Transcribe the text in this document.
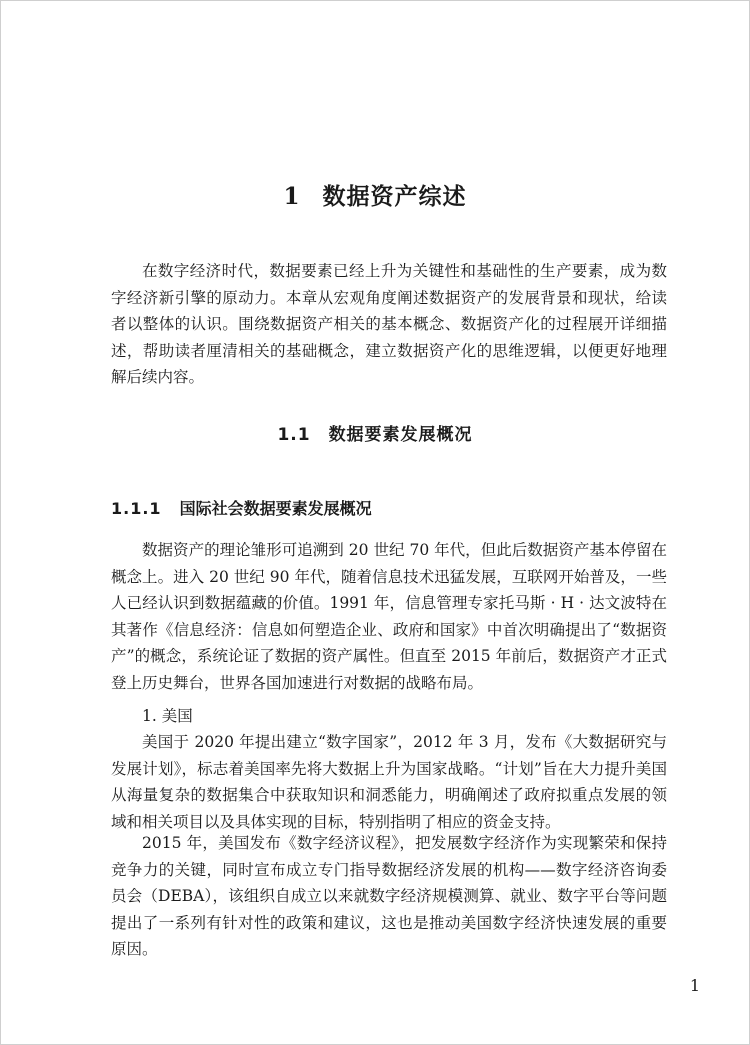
1 数据资产综述

在数字经济时代，数据要素已经上升为关键性和基础性的生产要素，成为数字经济新引擎的原动力。本章从宏观角度阐述数据资产的发展背景和现状，给读者以整体的认识。围绕数据资产相关的基本概念、数据资产化的过程展开详细描述，帮助读者厘清相关的基础概念，建立数据资产化的思维逻辑，以便更好地理解后续内容。

1.1 数据要素发展概况
1.1.1 国际社会数据要素发展概况

数据资产的理论雏形可追溯到 20 世纪 70 年代，但此后数据资产基本停留在概念上。进入 20 世纪 90 年代，随着信息技术迅猛发展，互联网开始普及，一些人已经认识到数据蕴藏的价值。1991 年，信息管理专家托马斯 · H · 达文波特在其著作《信息经济：信息如何塑造企业、政府和国家》中首次明确提出了“数据资产”的概念，系统论证了数据的资产属性。但直至 2015 年前后，数据资产才正式登上历史舞台，世界各国加速进行对数据的战略布局。

1. 美国

美国于 2020 年提出建立“数字国家”，2012 年 3 月，发布《大数据研究与发展计划》，标志着美国率先将大数据上升为国家战略。“计划”旨在大力提升美国从海量复杂的数据集合中获取知识和洞悉能力，明确阐述了政府拟重点发展的领域和相关项目以及具体实现的目标，特别指明了相应的资金支持。

2015 年，美国发布《数字经济议程》，把发展数字经济作为实现繁荣和保持竞争力的关键，同时宣布成立专门指导数据经济发展的机构——数字经济咨询委员会（DEBA），该组织自成立以来就数字经济规模测算、就业、数字平台等问题提出了一系列有针对性的政策和建议，这也是推动美国数字经济快速发展的重要原因。

1
